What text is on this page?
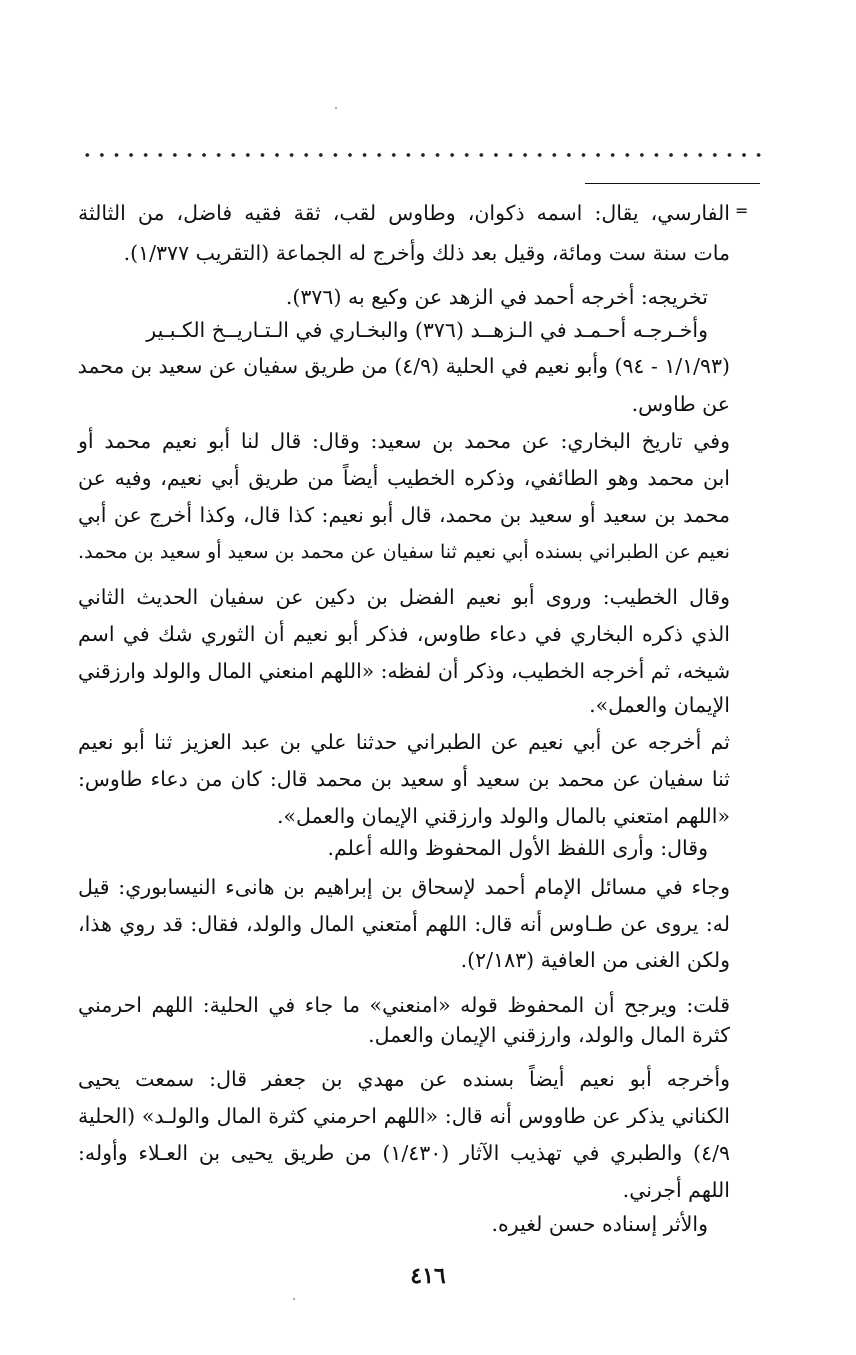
=
الفارسي، يقال: اسمه ذكوان، وطاوس لقب، ثقة فقيه فاضل، من الثالثة
مات سنة ست ومائة، وقيل بعد ذلك وأخرج له الجماعة (التقريب ١/٣٧٧).
تخريجه: أخرجه أحمد في الزهد عن وكيع به (٣٧٦).
وأخـرجـه أحـمـد في الـزهــد (٣٧٦) والبخـاري في الـتـاريــخ الكـبـير
(١/١/٩٣ - ٩٤) وأبو نعيم في الحلية (٤/٩) من طريق سفيان عن سعيد بن محمد
عن طاوس.
وفي تاريخ البخاري: عن محمد بن سعيد: وقال: قال لنا أبو نعيم محمد أو
ابن محمد وهو الطائفي، وذكره الخطيب أيضاً من طريق أبي نعيم، وفيه عن
محمد بن سعيد أو سعيد بن محمد، قال أبو نعيم: كذا قال، وكذا أخرج عن أبي
نعيم عن الطبراني بسنده أبي نعيم ثنا سفيان عن محمد بن سعيد أو سعيد بن محمد.
وقال الخطيب: وروى أبو نعيم الفضل بن دكين عن سفيان الحديث الثاني
الذي ذكره البخاري في دعاء طاوس، فذكر أبو نعيم أن الثوري شك في اسم
شيخه، ثم أخرجه الخطيب، وذكر أن لفظه: «اللهم امنعني المال والولد وارزقني
الإيمان والعمل».
ثم أخرجه عن أبي نعيم عن الطبراني حدثنا علي بن عبد العزيز ثنا أبو نعيم
ثنا سفيان عن محمد بن سعيد أو سعيد بن محمد قال: كان من دعاء طاوس:
«اللهم امتعني بالمال والولد وارزقني الإيمان والعمل».
وقال: وأرى اللفظ الأول المحفوظ والله أعلم.
وجاء في مسائل الإمام أحمد لإسحاق بن إبراهيم بن هانىء النيسابوري: قيل
له: يروى عن طـاوس أنه قال: اللهم أمتعني المال والولد، فقال: قد روي هذا،
ولكن الغنى من العافية (٢/١٨٣).
قلت: ويرجح أن المحفوظ قوله «امنعني» ما جاء في الحلية: اللهم احرمني
كثرة المال والولد، وارزقني الإيمان والعمل.
وأخرجه أبو نعيم أيضاً بسنده عن مهدي بن جعفر قال: سمعت يحيى
الكناني يذكر عن طاووس أنه قال: «اللهم احرمني كثرة المال والولـد» (الحلية
٤/٩) والطبري في تهذيب الآثار (١/٤٣٠) من طريق يحيى بن العـلاء وأوله:
اللهم أجرني.
والأثر إسناده حسن لغيره.
٤١٦
